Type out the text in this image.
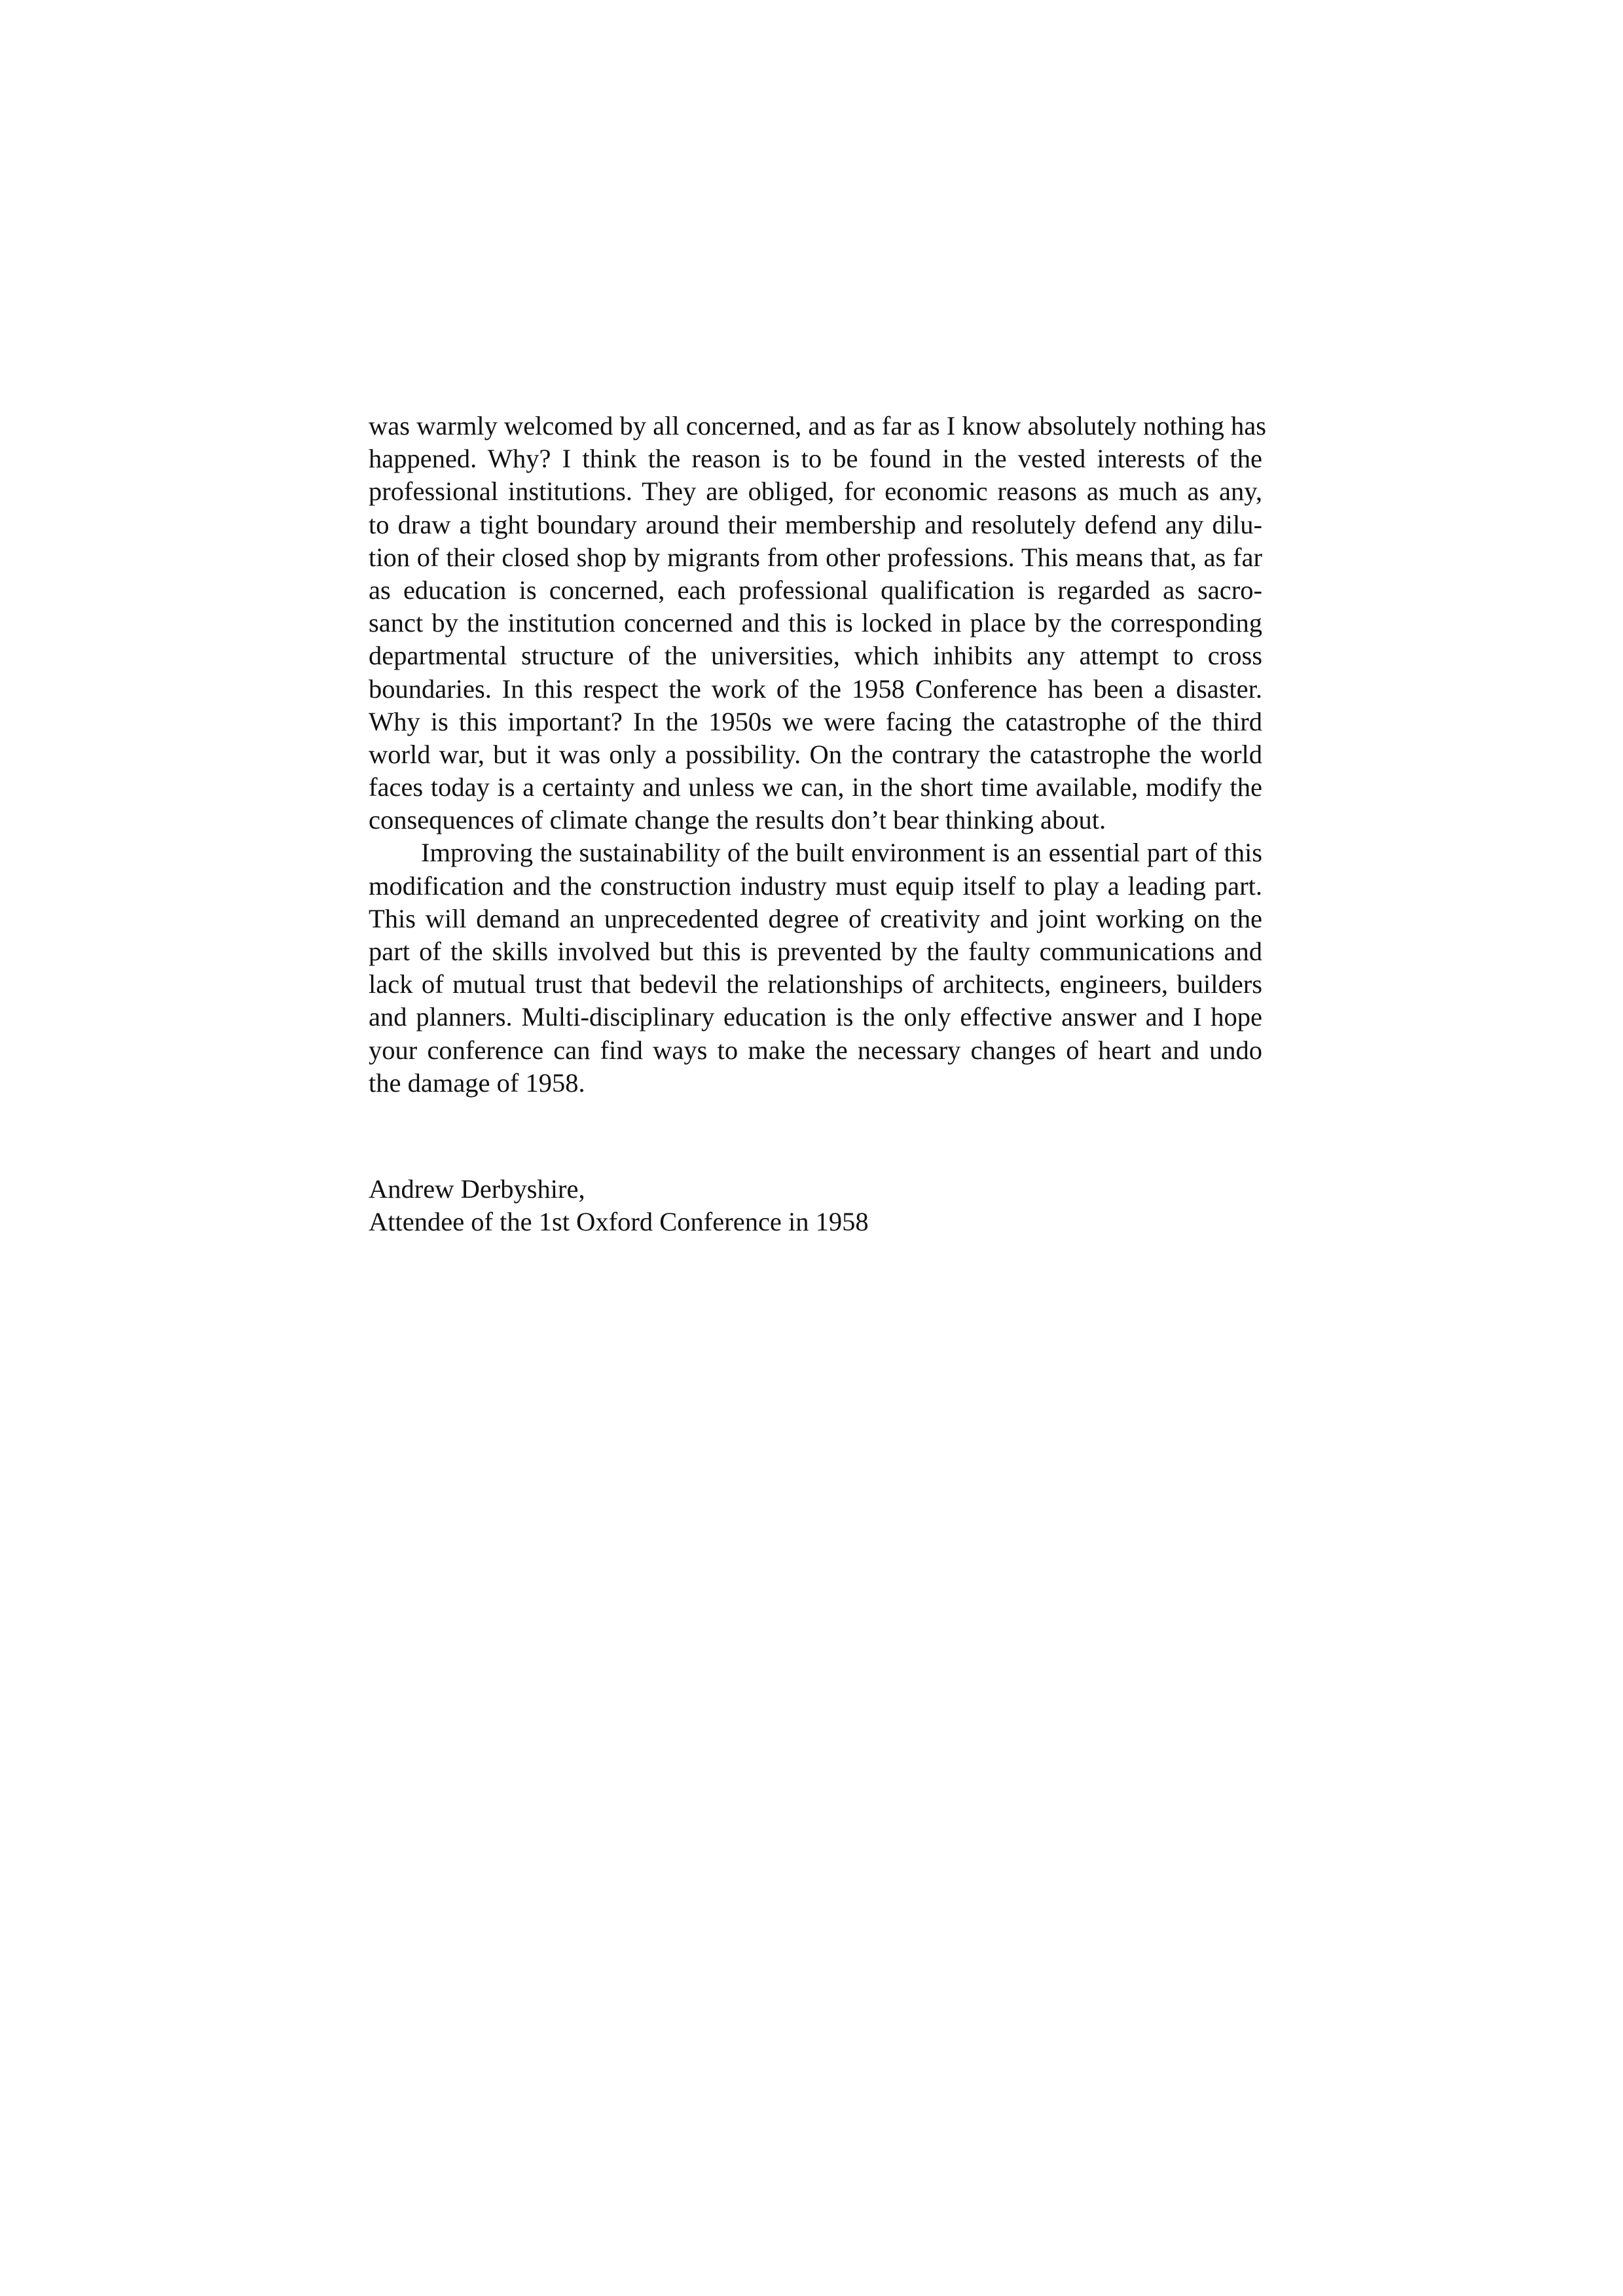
was warmly welcomed by all concerned, and as far as I know absolutely nothing has
happened. Why? I think the reason is to be found in the vested interests of the
professional institutions. They are obliged, for economic reasons as much as any,
to draw a tight boundary around their membership and resolutely defend any dilu-
tion of their closed shop by migrants from other professions. This means that, as far
as education is concerned, each professional qualification is regarded as sacro-
sanct by the institution concerned and this is locked in place by the corresponding
departmental structure of the universities, which inhibits any attempt to cross
boundaries. In this respect the work of the 1958 Conference has been a disaster.
Why is this important? In the 1950s we were facing the catastrophe of the third
world war, but it was only a possibility. On the contrary the catastrophe the world
faces today is a certainty and unless we can, in the short time available, modify the
consequences of climate change the results don’t bear thinking about.
Improving the sustainability of the built environment is an essential part of this
modification and the construction industry must equip itself to play a leading part.
This will demand an unprecedented degree of creativity and joint working on the
part of the skills involved but this is prevented by the faulty communications and
lack of mutual trust that bedevil the relationships of architects, engineers, builders
and planners. Multi-disciplinary education is the only effective answer and I hope
your conference can find ways to make the necessary changes of heart and undo
the damage of 1958.
Andrew Derbyshire,
Attendee of the 1st Oxford Conference in 1958
